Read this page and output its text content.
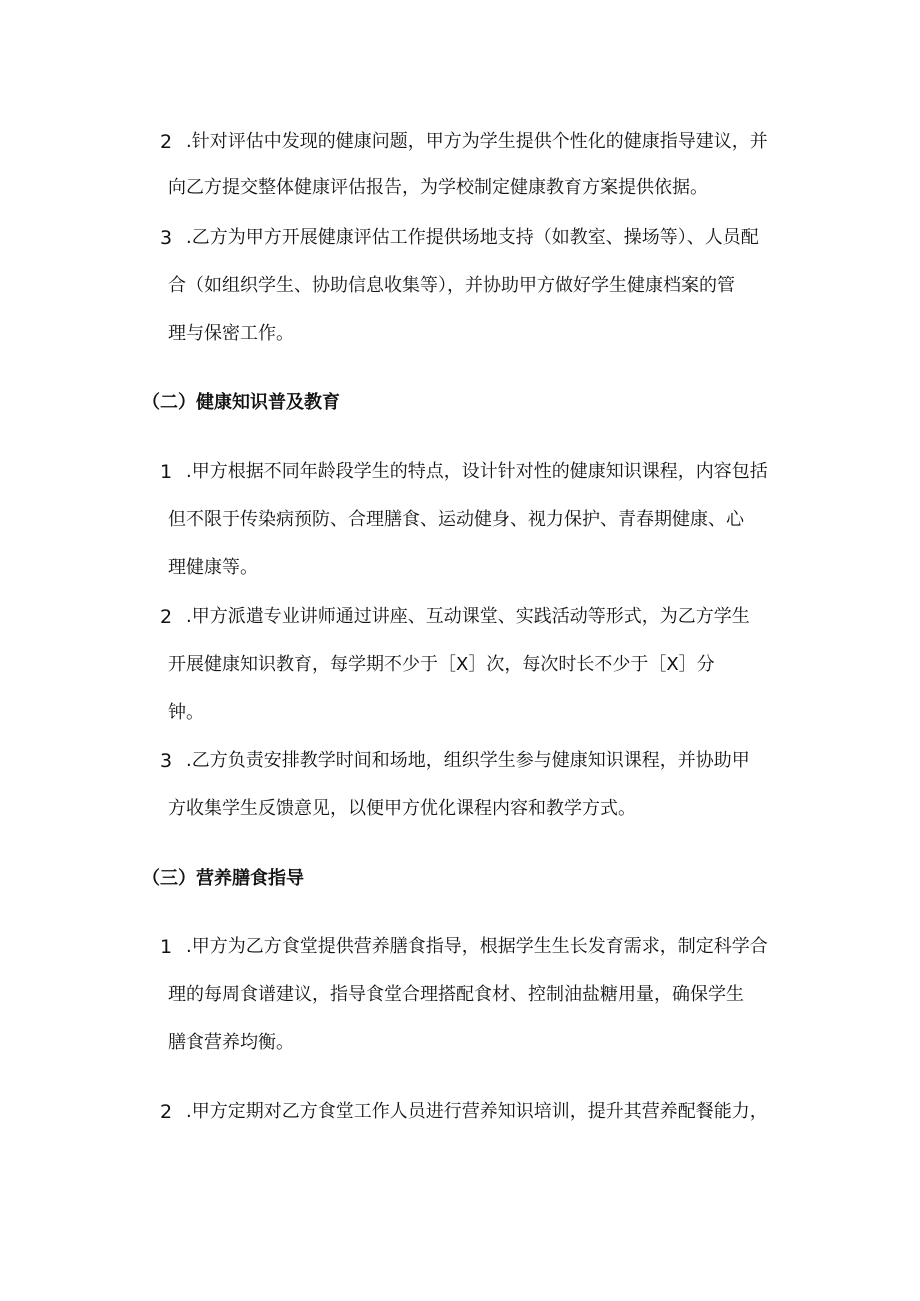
2 .针对评估中发现的健康问题，甲方为学生提供个性化的健康指导建议，并
向乙方提交整体健康评估报告，为学校制定健康教育方案提供依据。
3 .乙方为甲方开展健康评估工作提供场地支持（如教室、操场等）、人员配
合（如组织学生、协助信息收集等），并协助甲方做好学生健康档案的管
理与保密工作。
（二）健康知识普及教育
1 .甲方根据不同年龄段学生的特点，设计针对性的健康知识课程，内容包括
但不限于传染病预防、合理膳食、运动健身、视力保护、青春期健康、心
理健康等。
2 .甲方派遣专业讲师通过讲座、互动课堂、实践活动等形式，为乙方学生
开展健康知识教育，每学期不少于［X］次，每次时长不少于［X］分
钟。
3 .乙方负责安排教学时间和场地，组织学生参与健康知识课程，并协助甲
方收集学生反馈意见，以便甲方优化课程内容和教学方式。
（三）营养膳食指导
1 .甲方为乙方食堂提供营养膳食指导，根据学生生长发育需求，制定科学合
理的每周食谱建议，指导食堂合理搭配食材、控制油盐糖用量，确保学生
膳食营养均衡。
2 .甲方定期对乙方食堂工作人员进行营养知识培训，提升其营养配餐能力，
